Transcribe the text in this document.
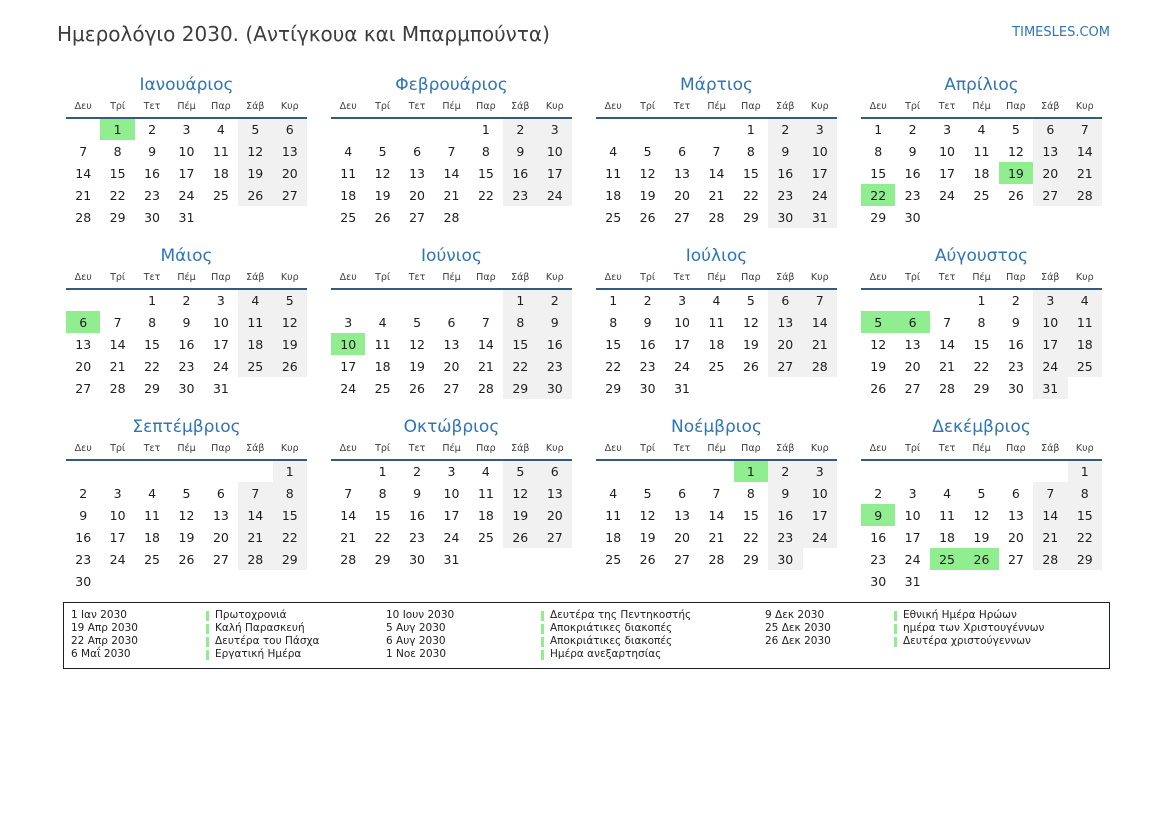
Ημερολόγιο 2030. (Αντίγκουα και Μπαρμπούντα)	TIMESLES.COM
Ιανουάριος
Δευ	Τρί	Τετ	Πέμ	Παρ	Σάβ	Κυρ
	1	2	3	4	5	6
7	8	9	10	11	12	13
14	15	16	17	18	19	20
21	22	23	24	25	26	27
28	29	30	31			
Φεβρουάριος
Δευ	Τρί	Τετ	Πέμ	Παρ	Σάβ	Κυρ
				1	2	3
4	5	6	7	8	9	10
11	12	13	14	15	16	17
18	19	20	21	22	23	24
25	26	27	28			
Μάρτιος
Δευ	Τρί	Τετ	Πέμ	Παρ	Σάβ	Κυρ
				1	2	3
4	5	6	7	8	9	10
11	12	13	14	15	16	17
18	19	20	21	22	23	24
25	26	27	28	29	30	31
Απρίλιος
Δευ	Τρί	Τετ	Πέμ	Παρ	Σάβ	Κυρ
1	2	3	4	5	6	7
8	9	10	11	12	13	14
15	16	17	18	19	20	21
22	23	24	25	26	27	28
29	30					
Μάιος
Δευ	Τρί	Τετ	Πέμ	Παρ	Σάβ	Κυρ
		1	2	3	4	5
6	7	8	9	10	11	12
13	14	15	16	17	18	19
20	21	22	23	24	25	26
27	28	29	30	31		
Ιούνιος
Δευ	Τρί	Τετ	Πέμ	Παρ	Σάβ	Κυρ
					1	2
3	4	5	6	7	8	9
10	11	12	13	14	15	16
17	18	19	20	21	22	23
24	25	26	27	28	29	30
Ιούλιος
Δευ	Τρί	Τετ	Πέμ	Παρ	Σάβ	Κυρ
1	2	3	4	5	6	7
8	9	10	11	12	13	14
15	16	17	18	19	20	21
22	23	24	25	26	27	28
29	30	31				
Αύγουστος
Δευ	Τρί	Τετ	Πέμ	Παρ	Σάβ	Κυρ
			1	2	3	4
5	6	7	8	9	10	11
12	13	14	15	16	17	18
19	20	21	22	23	24	25
26	27	28	29	30	31	
Σεπτέμβριος
Δευ	Τρί	Τετ	Πέμ	Παρ	Σάβ	Κυρ
						1
2	3	4	5	6	7	8
9	10	11	12	13	14	15
16	17	18	19	20	21	22
23	24	25	26	27	28	29
30						
Οκτώβριος
Δευ	Τρί	Τετ	Πέμ	Παρ	Σάβ	Κυρ
	1	2	3	4	5	6
7	8	9	10	11	12	13
14	15	16	17	18	19	20
21	22	23	24	25	26	27
28	29	30	31			
Νοέμβριος
Δευ	Τρί	Τετ	Πέμ	Παρ	Σάβ	Κυρ
				1	2	3
4	5	6	7	8	9	10
11	12	13	14	15	16	17
18	19	20	21	22	23	24
25	26	27	28	29	30	
Δεκέμβριος
Δευ	Τρί	Τετ	Πέμ	Παρ	Σάβ	Κυρ
						1
2	3	4	5	6	7	8
9	10	11	12	13	14	15
16	17	18	19	20	21	22
23	24	25	26	27	28	29
30	31					
1 Ιαν 2030	Πρωτοχρονιά
19 Απρ 2030	Καλή Παρασκευή
22 Απρ 2030	Δευτέρα του Πάσχα
6 Μαΐ 2030	Εργατική Ημέρα
10 Ιουν 2030	Δευτέρα της Πεντηκοστής
5 Αυγ 2030	Αποκριάτικες διακοπές
6 Αυγ 2030	Αποκριάτικες διακοπές
1 Νοε 2030	Ημέρα ανεξαρτησίας
9 Δεκ 2030	Εθνική Ημέρα Ηρώων
25 Δεκ 2030	ημέρα των Χριστουγέννων
26 Δεκ 2030	Δευτέρα χριστούγεννων
